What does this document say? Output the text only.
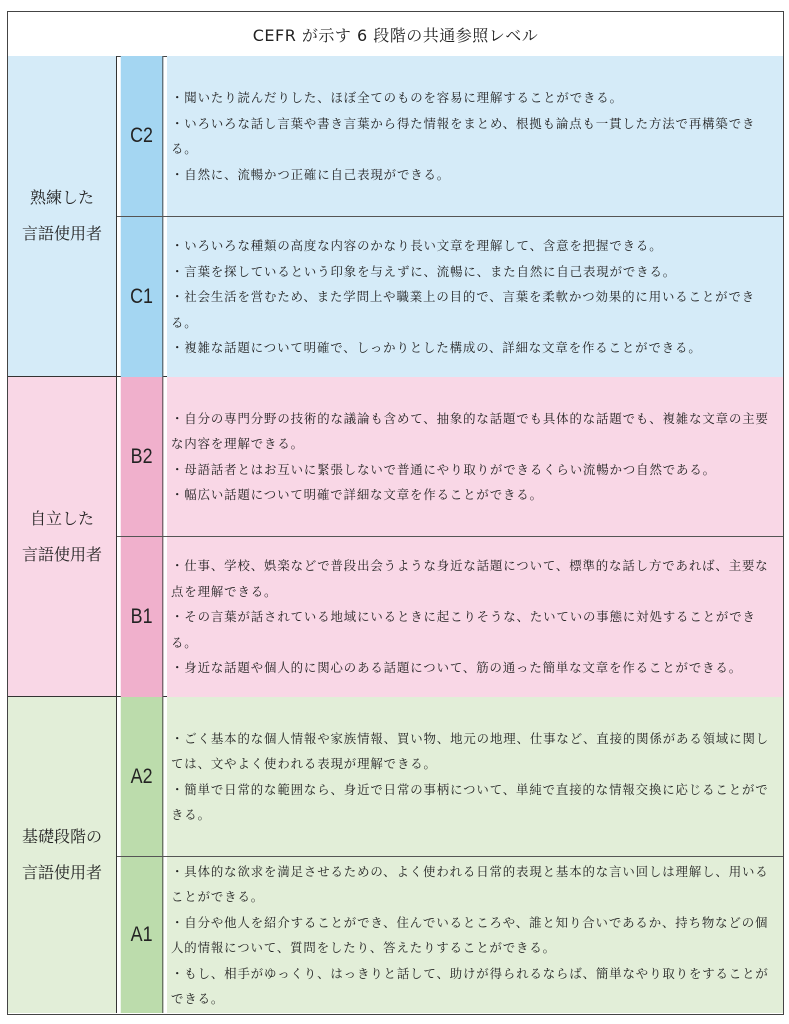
CEFR が示す 6 段階の共通参照レベル
熟練した
言語使用者
C2

・聞いたり読んだりした、ほぼ全てのものを容易に理解することができる。

・いろいろな話し言葉や書き言葉から得た情報をまとめ、根拠も論点も一貫した方法で再構築できる。

・自然に、流暢かつ正確に自己表現ができる。

C1

・いろいろな種類の高度な内容のかなり長い文章を理解して、含意を把握できる。

・言葉を探しているという印象を与えずに、流暢に、また自然に自己表現ができる。

・社会生活を営むため、また学問上や職業上の目的で、言葉を柔軟かつ効果的に用いることができる。

・複雑な話題について明確で、しっかりとした構成の、詳細な文章を作ることができる。

自立した
言語使用者
B2

・自分の専門分野の技術的な議論も含めて、抽象的な話題でも具体的な話題でも、複雑な文章の主要な内容を理解できる。

・母語話者とはお互いに緊張しないで普通にやり取りができるくらい流暢かつ自然である。

・幅広い話題について明確で詳細な文章を作ることができる。

B1

・仕事、学校、娯楽などで普段出会うような身近な話題について、標準的な話し方であれば、主要な点を理解できる。

・その言葉が話されている地域にいるときに起こりそうな、たいていの事態に対処することができる。

・身近な話題や個人的に関心のある話題について、筋の通った簡単な文章を作ることができる。

基礎段階の
言語使用者
A2

・ごく基本的な個人情報や家族情報、買い物、地元の地理、仕事など、直接的関係がある領域に関しては、文やよく使われる表現が理解できる。

・簡単で日常的な範囲なら、身近で日常の事柄について、単純で直接的な情報交換に応じることができる。

A1

・具体的な欲求を満足させるための、よく使われる日常的表現と基本的な言い回しは理解し、用いることができる。

・自分や他人を紹介することができ、住んでいるところや、誰と知り合いであるか、持ち物などの個人的情報について、質問をしたり、答えたりすることができる。

・もし、相手がゆっくり、はっきりと話して、助けが得られるならば、簡単なやり取りをすることができる。
